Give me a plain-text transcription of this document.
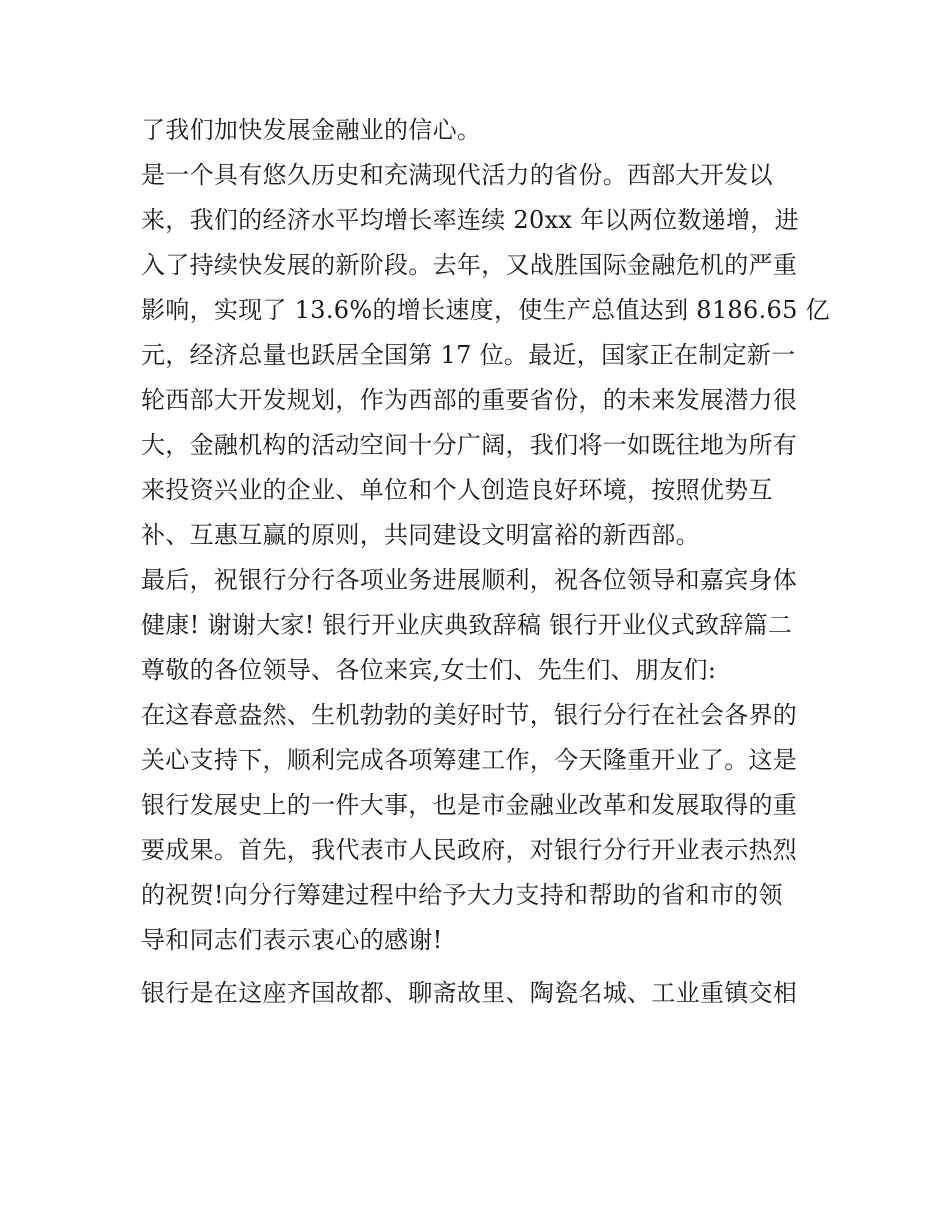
了我们加快发展金融业的信心。
是一个具有悠久历史和充满现代活力的省份。西部大开发以
来，我们的经济水平均增长率连续 20xx 年以两位数递增，进
入了持续快发展的新阶段。去年，又战胜国际金融危机的严重
影响，实现了 13.6%的增长速度，使生产总值达到 8186.65 亿
元，经济总量也跃居全国第 17 位。最近，国家正在制定新一
轮西部大开发规划，作为西部的重要省份，的未来发展潜力很
大，金融机构的活动空间十分广阔，我们将一如既往地为所有
来投资兴业的企业、单位和个人创造良好环境，按照优势互
补、互惠互赢的原则，共同建设文明富裕的新西部。
最后，祝银行分行各项业务进展顺利，祝各位领导和嘉宾身体
健康! 谢谢大家! 银行开业庆典致辞稿 银行开业仪式致辞篇二
尊敬的各位领导、各位来宾,女士们、先生们、朋友们:
在这春意盎然、生机勃勃的美好时节，银行分行在社会各界的
关心支持下，顺利完成各项筹建工作，今天隆重开业了。这是
银行发展史上的一件大事，也是市金融业改革和发展取得的重
要成果。首先，我代表市人民政府，对银行分行开业表示热烈
的祝贺!向分行筹建过程中给予大力支持和帮助的省和市的领
导和同志们表示衷心的感谢!
银行是在这座齐国故都、聊斋故里、陶瓷名城、工业重镇交相
